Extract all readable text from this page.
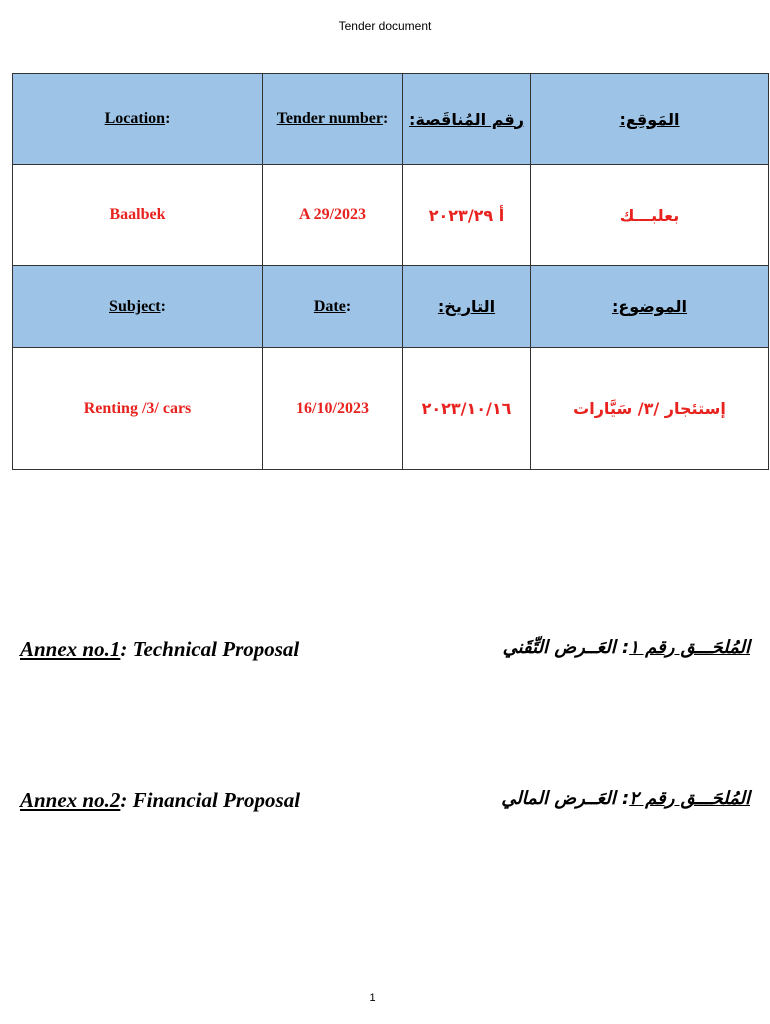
Tender document
Location:	Tender number:	رقم المُناقَصة:	المَوقِع:
Baalbek	A 29/2023	أ ٢٠٢٣/٢٩	بعلبـــك
Subject:	Date:	التاريخ:	الموضوع:
Renting /3/ cars	16/10/2023	٢٠٢٣/١٠/١٦	إستئجار /٣/ سَيَّارات
Annex no.1: Technical Proposal	المُلحَـــق رقم ١: العَــرض التِّقَني
Annex no.2: Financial Proposal	المُلحَـــق رقم ٢: العَــرض المالي
1
